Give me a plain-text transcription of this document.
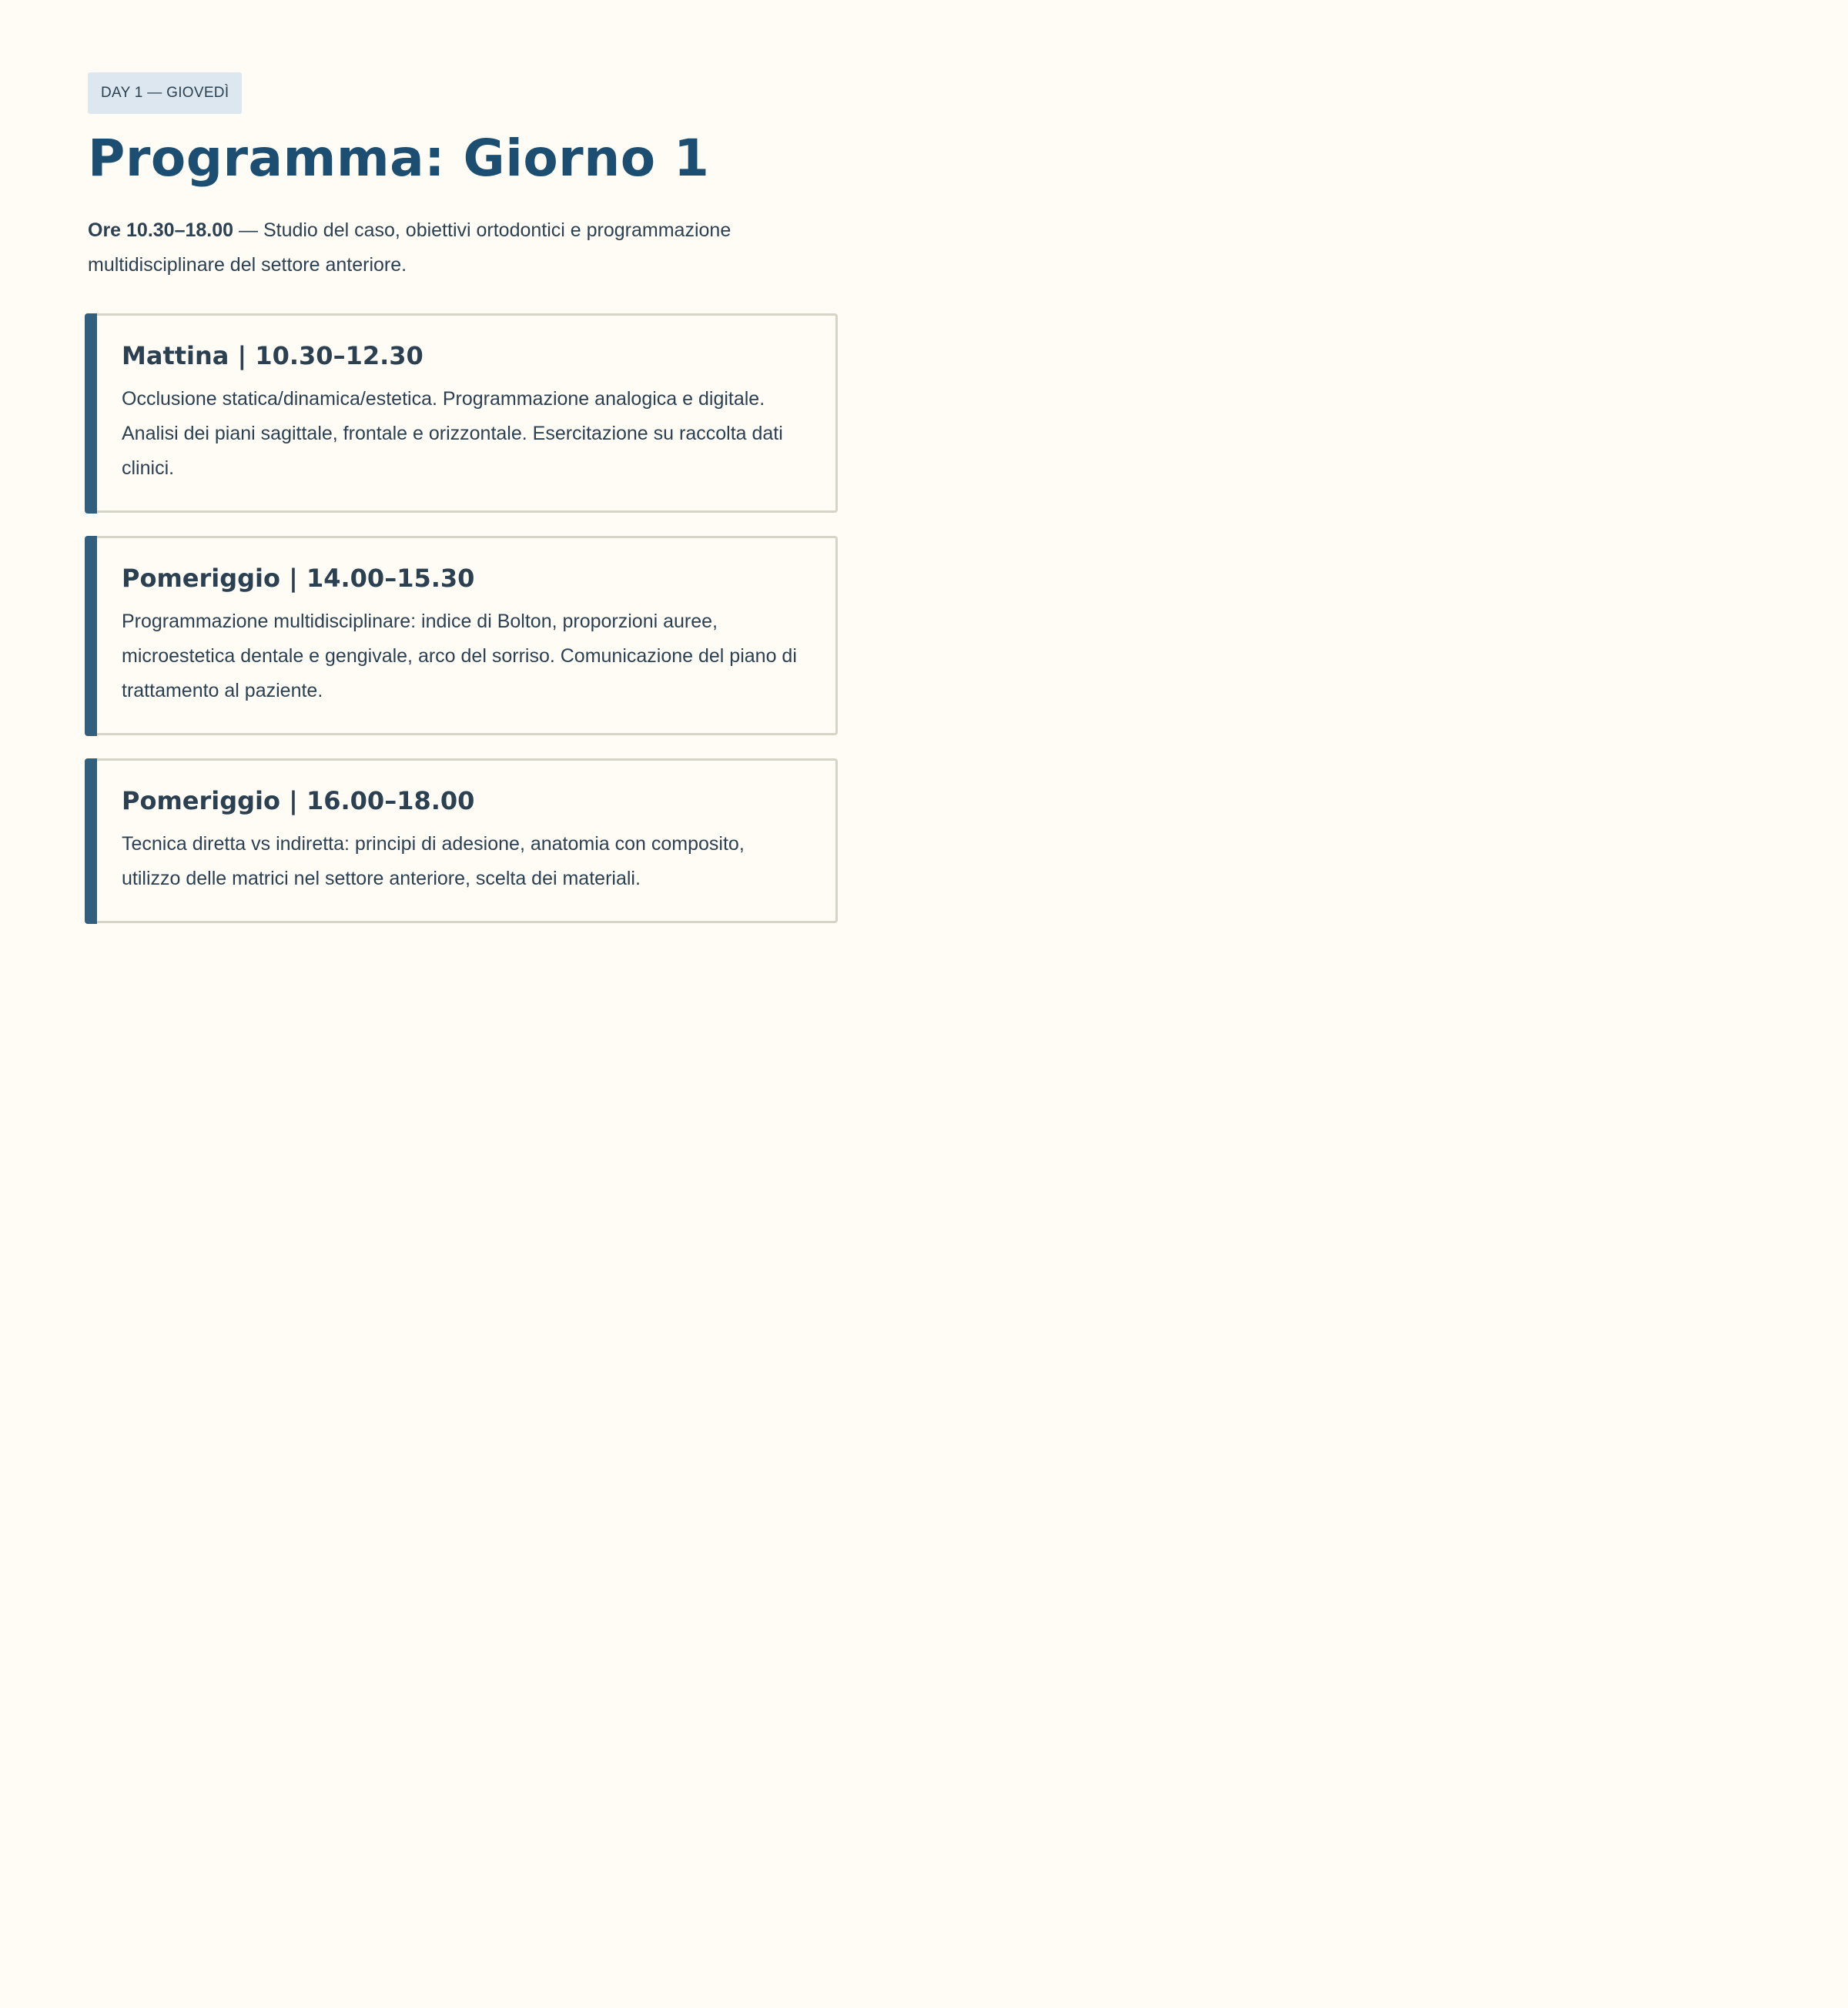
DAY 1 — GIOVEDÌ
Programma: Giorno 1

Ore 10.30–18.00 — Studio del caso, obiettivi ortodontici e programmazione multidisciplinare del settore anteriore.

Mattina | 10.30–12.30

Occlusione statica/dinamica/estetica. Programmazione analogica e digitale. Analisi dei piani sagittale, frontale e orizzontale. Esercitazione su raccolta dati clinici.

Pomeriggio | 14.00–15.30

Programmazione multidisciplinare: indice di Bolton, proporzioni auree, microestetica dentale e gengivale, arco del sorriso. Comunicazione del piano di trattamento al paziente.

Pomeriggio | 16.00–18.00

Tecnica diretta vs indiretta: principi di adesione, anatomia con composito, utilizzo delle matrici nel settore anteriore, scelta dei materiali.
